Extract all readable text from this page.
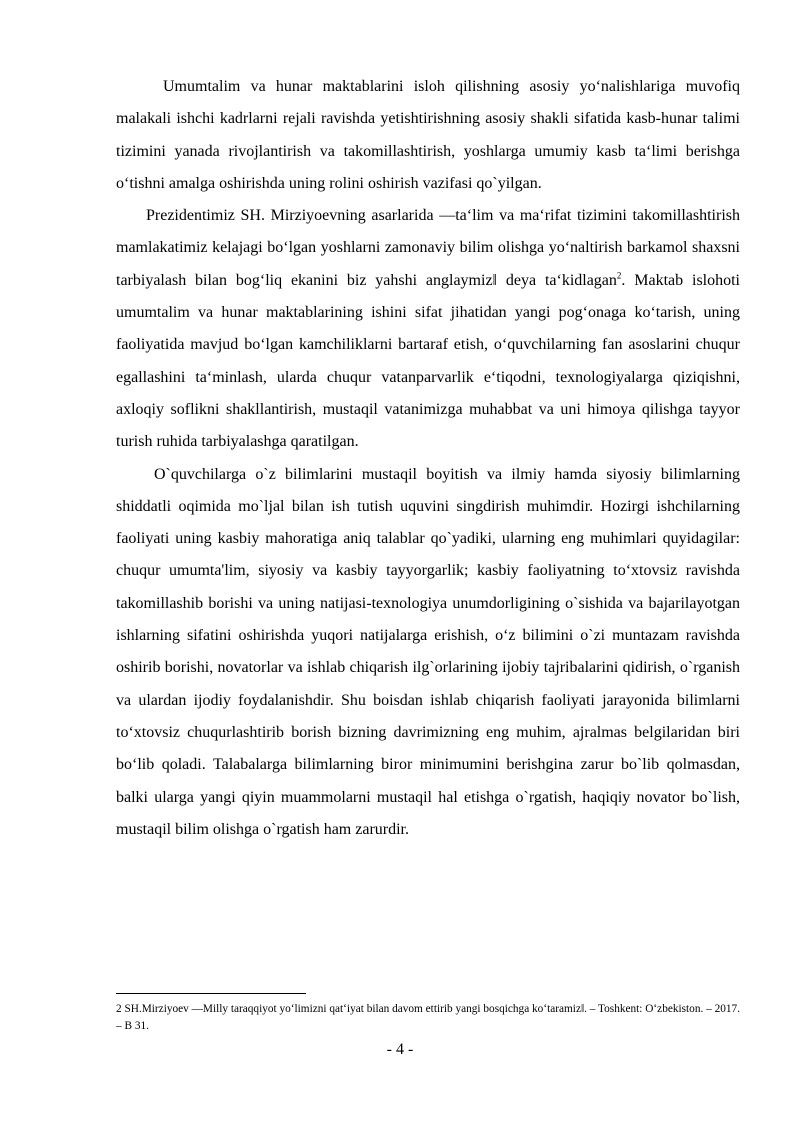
Umumtalim va hunar maktablarini isloh qilishning asosiy yo‘nalishlariga muvofiq malakali ishchi kadrlarni rejali ravishda yetishtirishning asosiy shakli sifatida kasb-hunar talimi tizimini yanada rivojlantirish va takomillashtirish, yoshlarga umumiy kasb ta‘limi berishga o‘tishni amalga oshirishda uning rolini oshirish vazifasi qo`yilgan.

Prezidentimiz SH. Mirziyoevning asarlarida ―ta‘lim va ma‘rifat tizimini takomillashtirish mamlakatimiz kelajagi bo‘lgan yoshlarni zamonaviy bilim olishga yo‘naltirish barkamol shaxsni tarbiyalash bilan bog‘liq ekanini biz yahshi anglaymiz‖ deya ta‘kidlagan$^2$. Maktab islohoti umumtalim va hunar maktablarining ishini sifat jihatidan yangi pog‘onaga ko‘tarish, uning faoliyatida mavjud bo‘lgan kamchiliklarni bartaraf etish, o‘quvchilarning fan asoslarini chuqur egallashini ta‘minlash, ularda chuqur vatanparvarlik e‘tiqodni, texnologiyalarga qiziqishni, axloqiy soflikni shakllantirish, mustaqil vatanimizga muhabbat va uni himoya qilishga tayyor turish ruhida tarbiyalashga qaratilgan.

O`quvchilarga o`z bilimlarini mustaqil boyitish va ilmiy hamda siyosiy bilimlarning shiddatli oqimida mo`ljal bilan ish tutish uquvini singdirish muhimdir. Hozirgi ishchilarning faoliyati uning kasbiy mahoratiga aniq talablar qo`yadiki, ularning eng muhimlari quyidagilar: chuqur umumta'lim, siyosiy va kasbiy tayyorgarlik; kasbiy faoliyatning to‘xtovsiz ravishda takomillashib borishi va uning natijasi-texnologiya unumdorligining o`sishida va bajarilayotgan ishlarning sifatini oshirishda yuqori natijalarga erishish, o‘z bilimini o`zi muntazam ravishda oshirib borishi, novatorlar va ishlab chiqarish ilg`orlarining ijobiy tajribalarini qidirish, o`rganish va ulardan ijodiy foydalanishdir. Shu boisdan ishlab chiqarish faoliyati jarayonida bilimlarni to‘xtovsiz chuqurlashtirib borish bizning davrimizning eng muhim, ajralmas belgilaridan biri bo‘lib qoladi. Talabalarga bilimlarning biror minimumini berishgina zarur bo`lib qolmasdan, balki ularga yangi qiyin muammolarni mustaqil hal etishga o`rgatish, haqiqiy novator bo`lish, mustaqil bilim olishga o`rgatish ham zarurdir.

2 SH.Mirziyoev ―Milly taraqqiyot yo‘limizni qat‘iyat bilan davom ettirib yangi bosqichga ko‘taramiz‖. – Toshkent: O‘zbekiston. – 2017. – B 31.

- 4 -
